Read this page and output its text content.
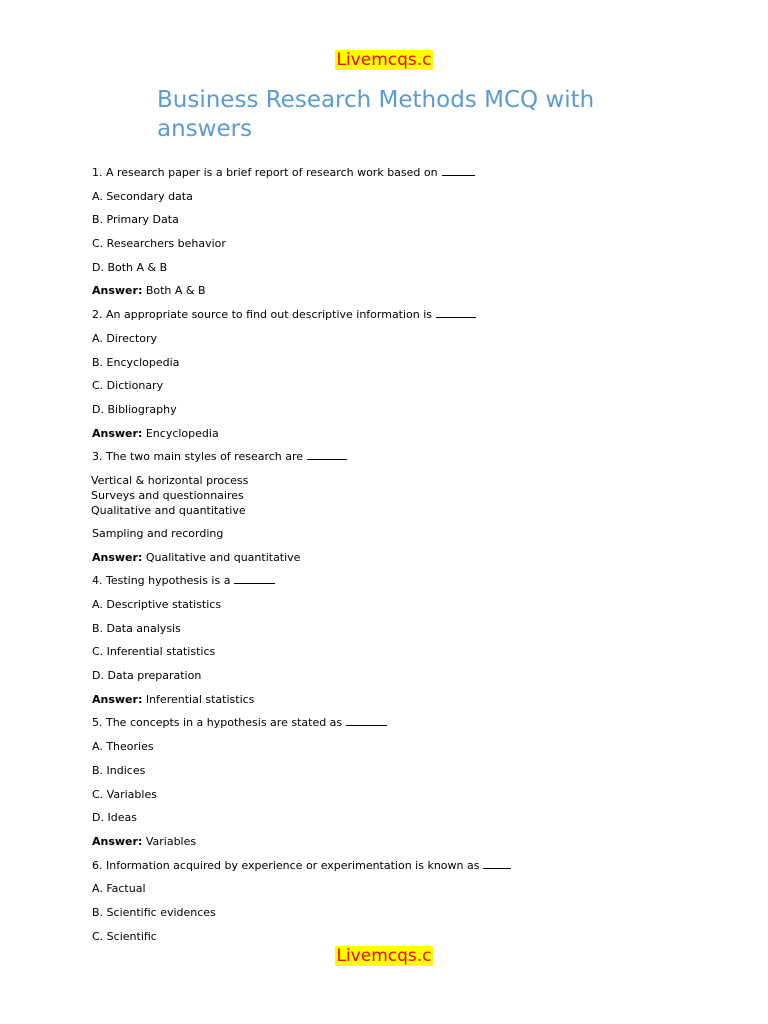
Livemcqs.c
Business Research Methods MCQ with answers
1. A research paper is a brief report of research work based on
A. Secondary data
B. Primary Data
C. Researchers behavior
D. Both A & B
Answer: Both A & B
2. An appropriate source to find out descriptive information is
A. Directory
B. Encyclopedia
C. Dictionary
D. Bibliography
Answer: Encyclopedia
3. The two main styles of research are
Vertical & horizontal process
Surveys and questionnaires
Qualitative and quantitative
Sampling and recording
Answer: Qualitative and quantitative
4. Testing hypothesis is a
A. Descriptive statistics
B. Data analysis
C. Inferential statistics
D. Data preparation
Answer: Inferential statistics
5. The concepts in a hypothesis are stated as
A. Theories
B. Indices
C. Variables
D. Ideas
Answer: Variables
6. Information acquired by experience or experimentation is known as
A. Factual
B. Scientific evidences
C. Scientific
Livemcqs.c
